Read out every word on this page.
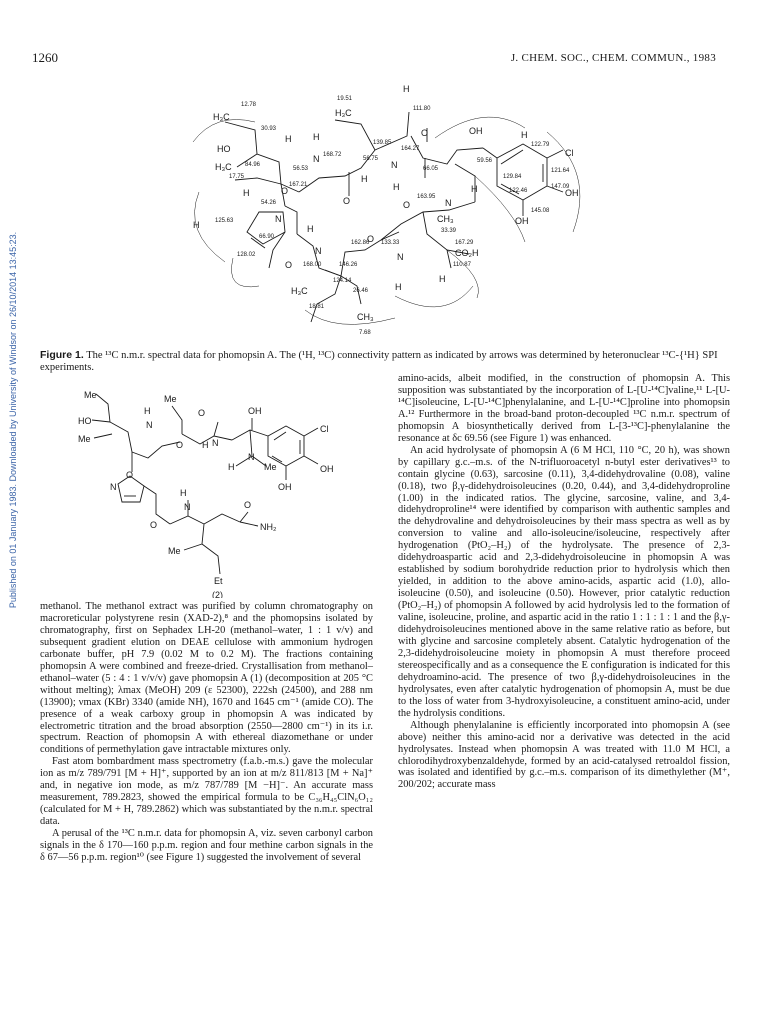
1260	J. CHEM. SOC., CHEM. COMMUN., 1983
Published on 01 January 1983. Downloaded by University of Windsor on 26/10/2014 13:45:23.
H
H₃C
H₃C
H₃C
HO
H
H
N
O
H
N
H
O	OH	H
Cl
OH
OH
N
CH₃
H
O
CO₂H
N
H
O
N
O
N
O
H
H	H
H
H₃C
CH₃
12.78
30.93
84.96
17.75
19.51
111.80
139.85
168.72
56.53
56.75
164.27
66.05
59.56
122.79
121.64
129.84
122.46
147.09
145.08
163.95
33.39
167.21
54.26
125.63
66.90
128.02
168.00
162.86 133.33
146.26
124.14
26.46
18.81
7.68
167.29
110.87
Figure 1. The ¹³C n.m.r. spectral data for phomopsin A. The (¹H, ¹³C) connectivity pattern as indicated by arrows was determined by heteronuclear ¹³C-{¹H} SPI experiments.
Me	Me
HO
Me
H
N
O
O
H N
OH
Cl
OH
OH
N
H	Me
O
N
O
H
N	O
NH₂
Me
Et
(2)

methanol. The methanol extract was purified by column chromatography on macroreticular polystyrene resin (XAD-2),⁸ and the phomopsins isolated by chromatography, first on Sephadex LH-20 (methanol–water, 1 : 1 v/v) and subsequent gradient elution on DEAE cellulose with ammonium hydrogen carbonate buffer, pH 7.9 (0.02 M to 0.2 M). The fractions containing phomopsin A were combined and freeze-dried. Crystallisation from methanol–ethanol–water (5 : 4 : 1 v/v/v) gave phomopsin A (1) (decomposition at 205 °C without melting); λmax (MeOH) 209 (ε 52300), 222sh (24500), and 288 nm (13900); νmax (KBr) 3340 (amide NH), 1670 and 1645 cm⁻¹ (amide CO). The presence of a weak carboxy group in phomopsin A was indicated by electrometric titration and the broad absorption (2550—2800 cm⁻¹) in its i.r. spectrum. Reaction of phomopsin A with ethereal diazomethane or under conditions of permethylation gave intractable mixtures only.

Fast atom bombardment mass spectrometry (f.a.b.-m.s.) gave the molecular ion as m/z 789/791 [M + H]⁺, supported by an ion at m/z 811/813 [M + Na]⁺ and, in negative ion mode, as m/z 787/789 [M −H]⁻. An accurate mass measurement, 789.2823, showed the empirical formula to be C₃₆H₄₅ClN₆O₁₂ (calculated for M + H, 789.2862) which was substantiated by the n.m.r. spectral data.

A perusal of the ¹³C n.m.r. data for phomopsin A, viz. seven carbonyl carbon signals in the δ 170—160 p.p.m. region and four methine carbon signals in the δ 67—56 p.p.m. region¹⁰ (see Figure 1) suggested the involvement of several

amino-acids, albeit modified, in the construction of phomopsin A. This supposition was substantiated by the incorporation of L-[U-¹⁴C]valine,¹¹ L-[U-¹⁴C]isoleucine, L-[U-¹⁴C]phenylalanine, and L-[U-¹⁴C]proline into phomopsin A.¹² Furthermore in the broad-band proton-decoupled ¹³C n.m.r. spectrum of phomopsin A biosynthetically derived from L-[3-¹³C]-phenylalanine the resonance at δc 69.56 (see Figure 1) was enhanced.

An acid hydrolysate of phomopsin A (6 M HCl, 110 °C, 20 h), was shown by capillary g.c.–m.s. of the N-trifluoroacetyl n-butyl ester derivatives¹³ to contain glycine (0.63), sarcosine (0.11), 3,4-didehydrovaline (0.08), valine (0.18), two β,γ-didehydroisoleucines (0.20, 0.44), and 3,4-didehydroproline (1.00) in the indicated ratios. The glycine, sarcosine, valine, and 3,4-didehydroproline¹⁴ were identified by comparison with authentic samples and the dehydrovaline and dehydroisoleucines by their mass spectra as well as by conversion to valine and allo-isoleucine/isoleucine, respectively after hydrogenation (PtO₂–H₂) of the hydrolysate. The presence of 2,3-didehydroaspartic acid and 2,3-didehydroisoleucine in phomopsin A was established by sodium borohydride reduction prior to hydrolysis which then yielded, in addition to the above amino-acids, aspartic acid (1.0), allo-isoleucine (0.50), and isoleucine (0.50). However, prior catalytic reduction (PtO₂–H₂) of phomopsin A followed by acid hydrolysis led to the formation of valine, isoleucine, proline, and aspartic acid in the ratio 1 : 1 : 1 : 1 and the β,γ-didehydroisoleucines mentioned above in the same relative ratio as before, but with glycine and sarcosine completely absent. Catalytic hydrogenation of the 2,3-didehydroisoleucine moiety in phomopsin A must therefore proceed stereospecifically and as a consequence the E configuration is indicated for this dehydroamino-acid. The presence of two β,γ-didehydroisoleucines in the hydrolysates, even after catalytic hydrogenation of phomopsin A, must be due to the loss of water from 3-hydroxyisoleucine, a constituent amino-acid, under the hydrolysis conditions.

Although phenylalanine is efficiently incorporated into phomopsin A (see above) neither this amino-acid nor a derivative was detected in the acid hydrolysates. Instead when phomopsin A was treated with 11.0 M HCl, a chlorodihydroxybenzaldehyde, formed by an acid-catalysed retroaldol fission, was isolated and identified by g.c.–m.s. comparison of its dimethylether (M⁺, 200/202; accurate mass
